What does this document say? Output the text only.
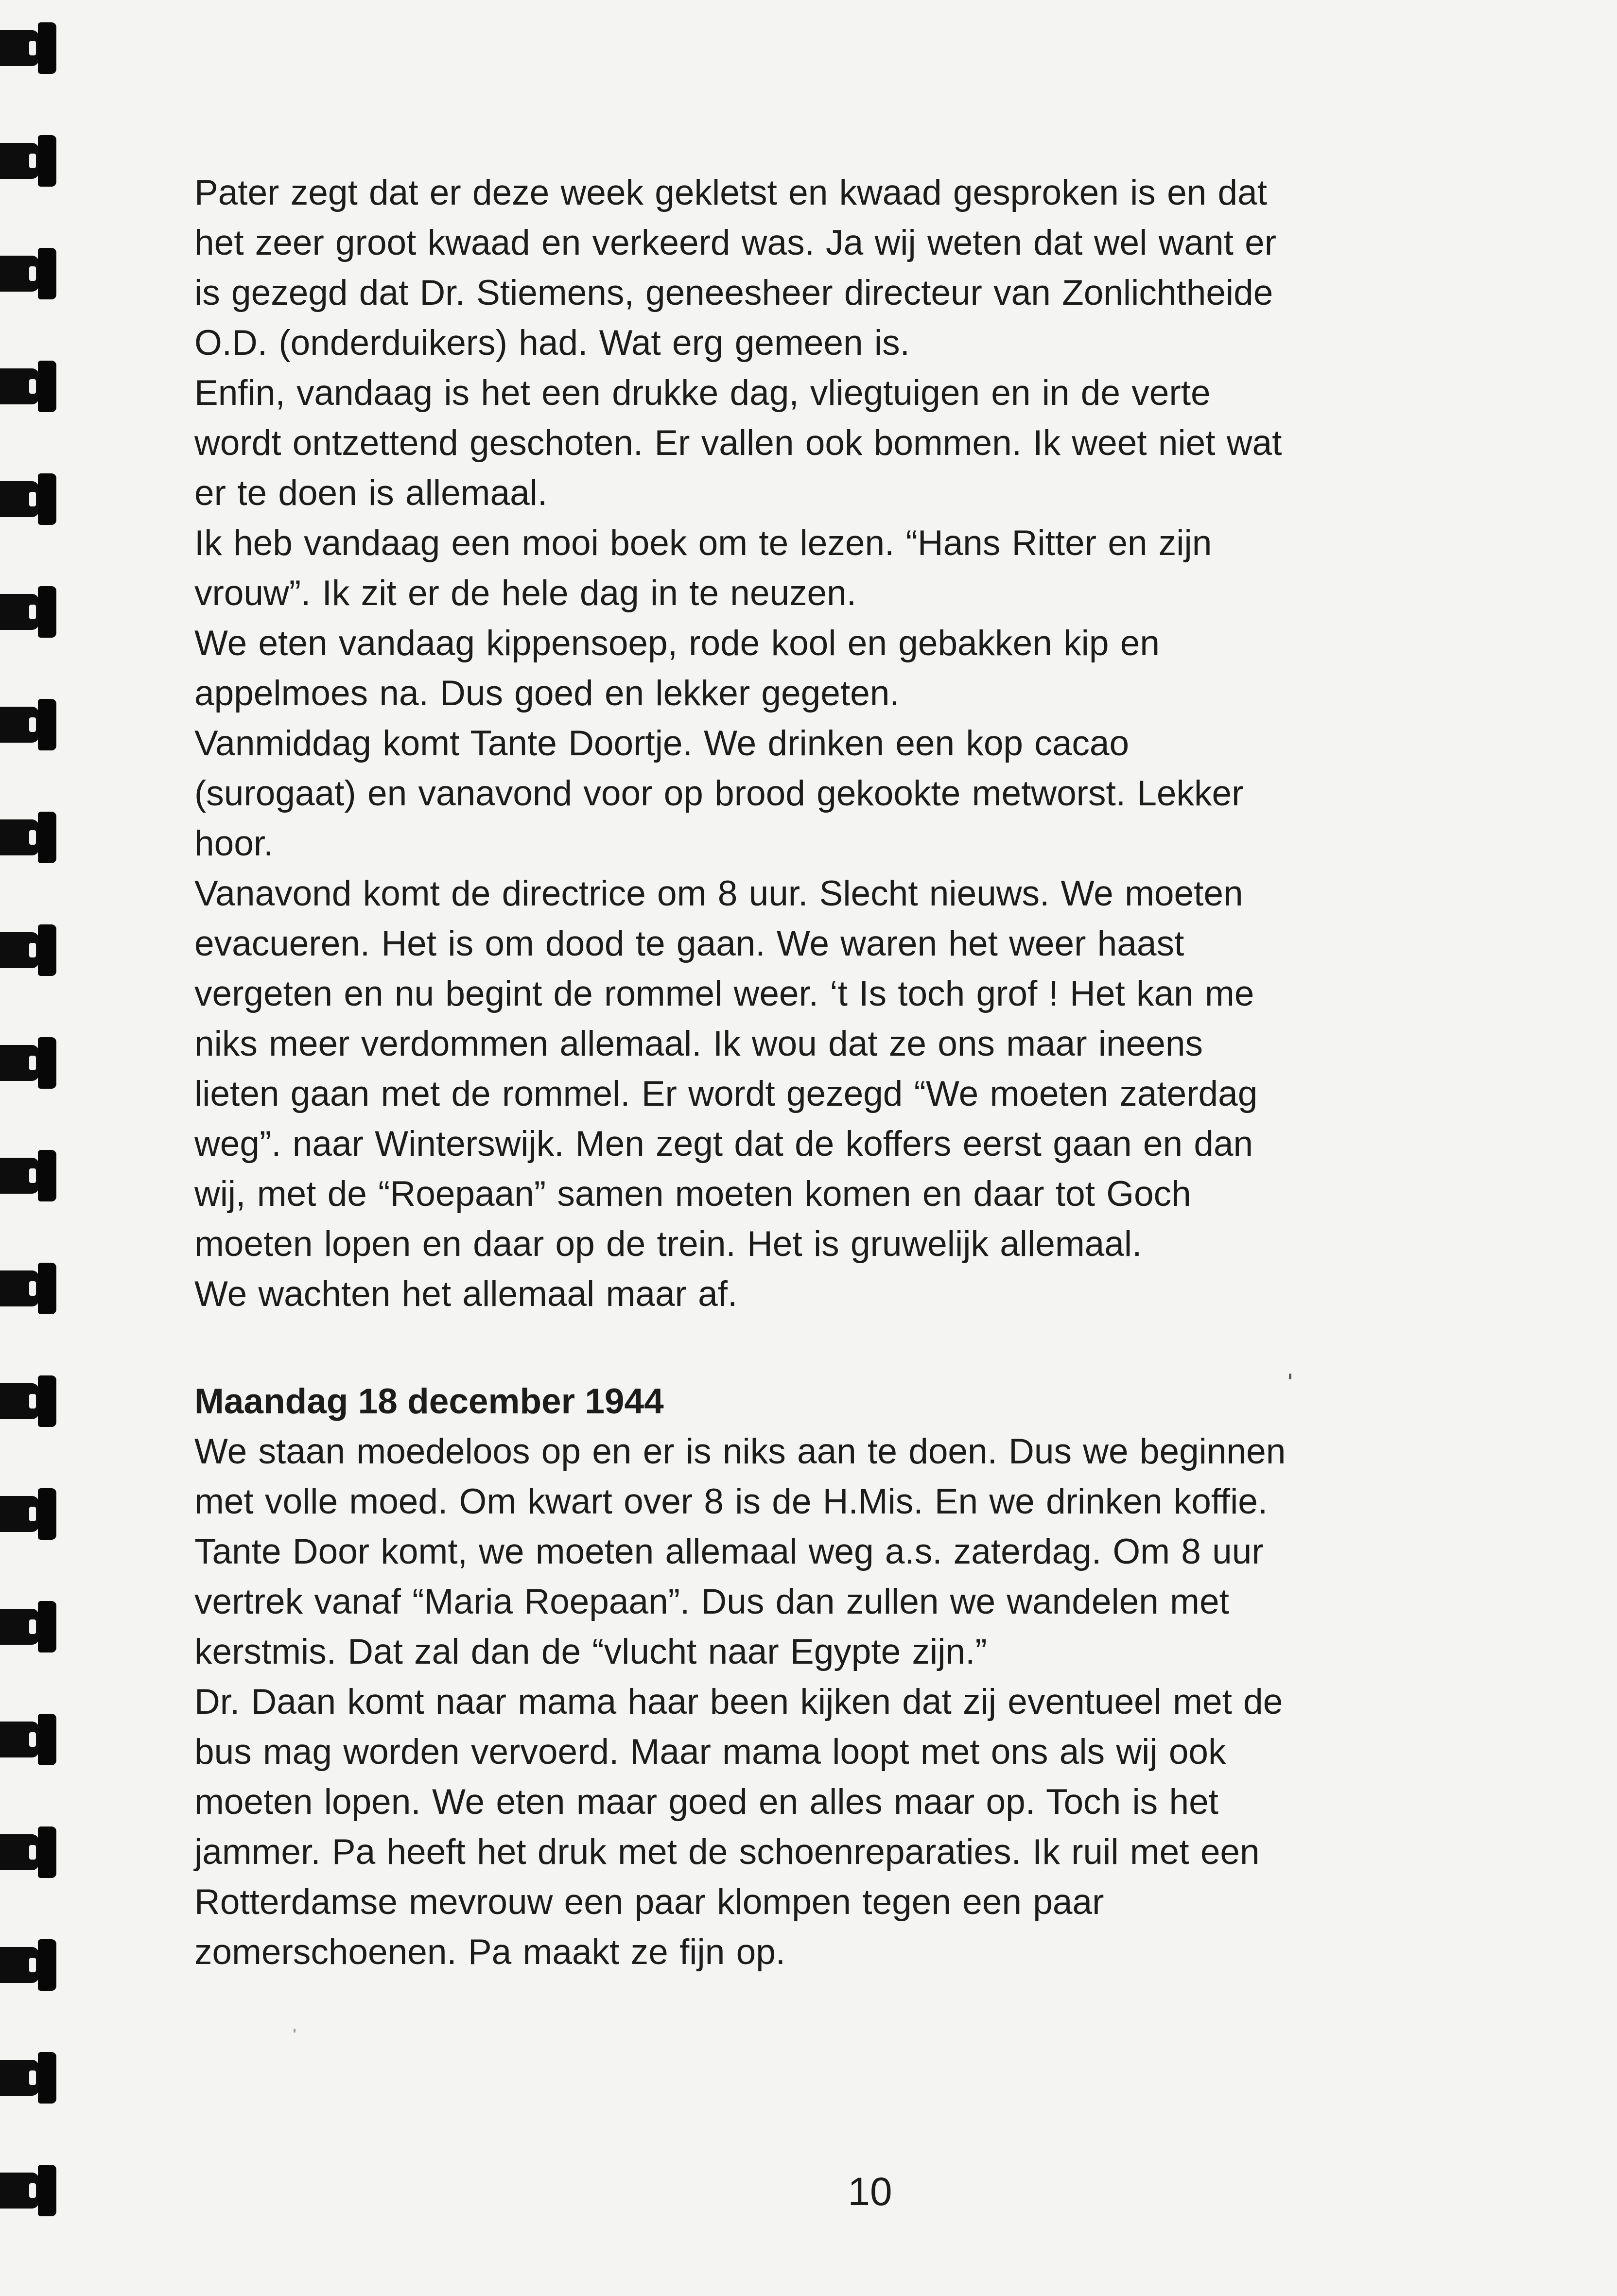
Pater zegt dat er deze week gekletst en kwaad gesproken is en dat
het zeer groot kwaad en verkeerd was. Ja wij weten dat wel want er
is gezegd dat Dr. Stiemens, geneesheer directeur van Zonlichtheide
O.D. (onderduikers) had. Wat erg gemeen is.

Enfin, vandaag is het een drukke dag, vliegtuigen en in de verte
wordt ontzettend geschoten. Er vallen ook bommen. Ik weet niet wat
er te doen is allemaal.

Ik heb vandaag een mooi boek om te lezen. “Hans Ritter en zijn
vrouw”. Ik zit er de hele dag in te neuzen.

We eten vandaag kippensoep, rode kool en gebakken kip en
appelmoes na. Dus goed en lekker gegeten.

Vanmiddag komt Tante Doortje. We drinken een kop cacao
(surogaat) en vanavond voor op brood gekookte metworst. Lekker
hoor.

Vanavond komt de directrice om 8 uur. Slecht nieuws. We moeten
evacueren. Het is om dood te gaan. We waren het weer haast
vergeten en nu begint de rommel weer. ‘t Is toch grof ! Het kan me
niks meer verdommen allemaal. Ik wou dat ze ons maar ineens
lieten gaan met de rommel. Er wordt gezegd “We moeten zaterdag
weg”. naar Winterswijk. Men zegt dat de koffers eerst gaan en dan
wij, met de “Roepaan” samen moeten komen en daar tot Goch
moeten lopen en daar op de trein. Het is gruwelijk allemaal.

We wachten het allemaal maar af.

Maandag 18 december 1944

We staan moedeloos op en er is niks aan te doen. Dus we beginnen
met volle moed. Om kwart over 8 is de H.Mis. En we drinken koffie.
Tante Door komt, we moeten allemaal weg a.s. zaterdag. Om 8 uur
vertrek vanaf “Maria Roepaan”. Dus dan zullen we wandelen met
kerstmis. Dat zal dan de “vlucht naar Egypte zijn.”

Dr. Daan komt naar mama haar been kijken dat zij eventueel met de
bus mag worden vervoerd. Maar mama loopt met ons als wij ook
moeten lopen. We eten maar goed en alles maar op. Toch is het
jammer. Pa heeft het druk met de schoenreparaties. Ik ruil met een
Rotterdamse mevrouw een paar klompen tegen een paar
zomerschoenen. Pa maakt ze fijn op.

10
